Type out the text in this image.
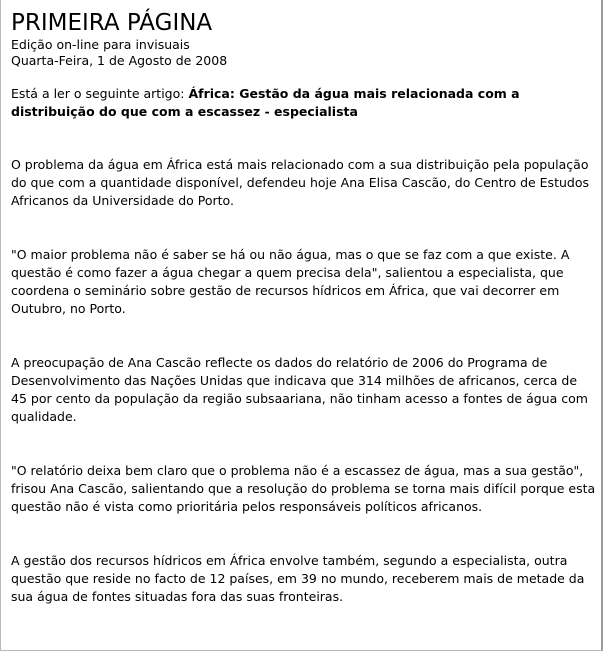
PRIMEIRA PÁGINA
Edição on-line para invisuais
Quarta-Feira, 1 de Agosto de 2008
Está a ler o seguinte artigo: África: Gestão da água mais relacionada com a distribuição do que com a escassez - especialista

O problema da água em África está mais relacionado com a sua distribuição pela população do que com a quantidade disponível, defendeu hoje Ana Elisa Cascão, do Centro de Estudos Africanos da Universidade do Porto.

"O maior problema não é saber se há ou não água, mas o que se faz com a que existe. A questão é como fazer a água chegar a quem precisa dela", salientou a especialista, que coordena o seminário sobre gestão de recursos hídricos em África, que vai decorrer em Outubro, no Porto.

A preocupação de Ana Cascão reflecte os dados do relatório de 2006 do Programa de Desenvolvimento das Nações Unidas que indicava que 314 milhões de africanos, cerca de 45 por cento da população da região subsaariana, não tinham acesso a fontes de água com qualidade.

"O relatório deixa bem claro que o problema não é a escassez de água, mas a sua gestão", frisou Ana Cascão, salientando que a resolução do problema se torna mais difícil porque esta questão não é vista como prioritária pelos responsáveis políticos africanos.

A gestão dos recursos hídricos em África envolve também, segundo a especialista, outra questão que reside no facto de 12 países, em 39 no mundo, receberem mais de metade da sua água de fontes situadas fora das suas fronteiras.
